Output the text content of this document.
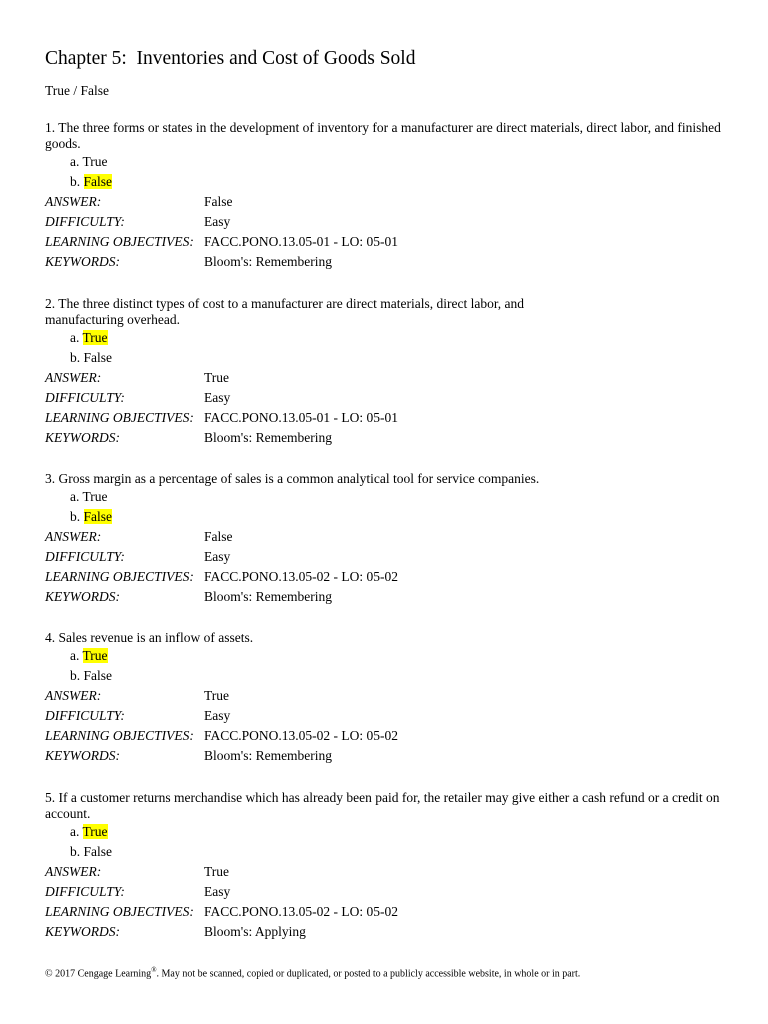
Chapter 5:  Inventories and Cost of Goods Sold
True / False
1. The three forms or states in the development of inventory for a manufacturer are direct materials, direct labor, and finished goods.
a. True
b. False
ANSWER:	False
DIFFICULTY:	Easy
LEARNING OBJECTIVES: FACC.PONO.13.05-01 - LO: 05-01
KEYWORDS:	Bloom's: Remembering
2. The three distinct types of cost to a manufacturer are direct materials, direct labor, and
manufacturing overhead.
a. True
b. False
ANSWER:	True
DIFFICULTY:	Easy
LEARNING OBJECTIVES: FACC.PONO.13.05-01 - LO: 05-01
KEYWORDS:	Bloom's: Remembering
3. Gross margin as a percentage of sales is a common analytical tool for service companies.
a. True
b. False
ANSWER:	False
DIFFICULTY:	Easy
LEARNING OBJECTIVES: FACC.PONO.13.05-02 - LO: 05-02
KEYWORDS:	Bloom's: Remembering
4. Sales revenue is an inflow of assets.
a. True
b. False
ANSWER:	True
DIFFICULTY:	Easy
LEARNING OBJECTIVES: FACC.PONO.13.05-02 - LO: 05-02
KEYWORDS:	Bloom's: Remembering
5. If a customer returns merchandise which has already been paid for, the retailer may give either a cash refund or a credit on account.
a. True
b. False
ANSWER:	True
DIFFICULTY:	Easy
LEARNING OBJECTIVES: FACC.PONO.13.05-02 - LO: 05-02
KEYWORDS:	Bloom's: Applying
© 2017 Cengage Learning®. May not be scanned, copied or duplicated, or posted to a publicly accessible website, in whole or in part.
